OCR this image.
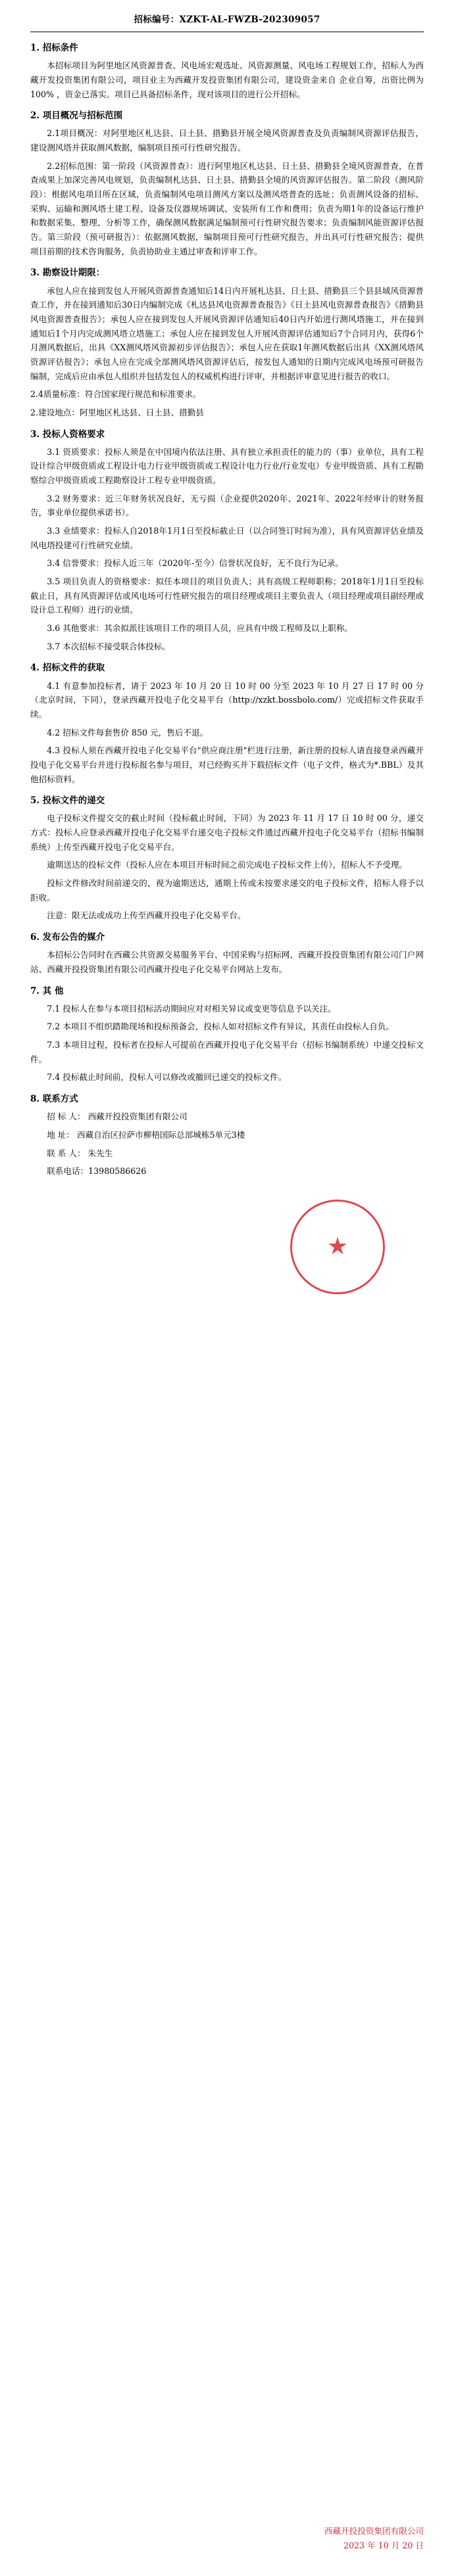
招标编号：XZKT-AL-FWZB-202309057
1. 招标条件

本招标项目为阿里地区风资源普查、风电场宏观选址、风资源测量、风电场工程规划工作，招标人为西藏开发投资集团有限公司，项目业主为西藏开发投资集团有限公司，建设资金来自 企业自筹，出资比例为100% ，资金已落实。项目已具备招标条件，现对该项目的进行公开招标。

2. 项目概况与招标范围

2.1项目概况：对阿里地区札达县、日土县、措勤县开展全境风资源普查及负责编制风资源评估报告，建设测风塔并获取测风数据，编制项目预可行性研究报告。

2.2招标范围：第一阶段（风资源普查）：进行阿里地区札达县、日土县、措勤县全境风资源普查，在普查成果上加深完善风电规划，负责编制札达县、日土县、措勤县全境的风资源评估报告。第二阶段（测风阶段）：根据风电项目所在区域，负责编制风电项目测风方案以及测风塔普查的选址；负责测风设备的招标、采购、运输和测风塔土建工程、设备及仪器规场调试、安装所有工作和费用；负责为期1年的设备运行维护和数据采集、整理、分析等工作，确保测风数据满足编制预可行性研究报告要求；负责编制风能资源评估报告。第三阶段（预可研报告）：依据测风数据，编制项目预可行性研究报告，并出具可行性研究报告；提供项目前期的技术咨询服务，负责协助业主通过审查和评审工作。

3. 勘察设计期限：

承包人应在接到发包人开展风资源普查通知后14日内开展札达县、日土县、措勤县三个县县域风资源普查工作，并在接到通知后30日内编制完成《札达县风电资源普查报告》《日土县风电资源普查报告》《措勤县风电资源普查报告》；承包人应在接到发包人开展风资源评估通知后40日内开始进行测风塔施工，并在接到通知后1个月内完成测风塔立塔施工；承包人应在接到发包人开展风资源评估通知后7个合同月内，获得6个月测风数据后，出具《XX测风塔风资源初步评估报告》；承包人应在获取1年测风数据后出具《XX测风塔风资源评估报告》；承包人应在完成全部测风塔风资源评估后，按发包人通知的日期内完成风电场预可研报告编制，完成后应由承包人组织并包括发包人的权威机构进行评审，并根据评审意见进行报告的收口。

2.4质量标准：符合国家现行规范和标准要求。

2.建设地点：阿里地区札达县、日土县、措勤县

3. 投标人资格要求

3.1 资质要求：投标人须是在中国境内依法注册、具有独立承担责任的能力的（事）业单位，具有工程设计综合甲级资质或工程设计电力行业甲级资质或工程设计电力行业/行业发电）专业甲级资质、具有工程勘察综合甲级资质或工程勘察设计工程专业甲级资质。

3.2 财务要求：近三年财务状况良好，无亏损（企业提供2020年、2021年、2022年经审计的财务报告，事业单位提供承诺书）。

3.3 业绩要求：投标人自2018年1月1日至投标截止日（以合同签订时间为准），具有风资源评估业绩及风电塔投建可行性研究业绩。

3.4 信誉要求：投标人近三年（2020年-至今）信誉状况良好，无不良行为记录。

3.5 项目负责人的资格要求：拟任本项目的项目负责人；具有高级工程师职称；2018年1月1日至投标截止日，具有风资源评估或风电场可行性研究报告的项目经理或项目主要负责人（项目经理或项目副经理或设计总工程师）进行的业绩。

3.6 其他要求：其余拟派往该项目工作的项目人员，应具有中级工程师及以上职称。

3.7 本次招标不接受联合体投标。

4. 招标文件的获取

4.1 有意参加投标者，请于 2023 年 10 月 20 日 10 时 00 分至 2023 年 10 月 27 日 17 时 00 分（北京时间，下同），登录西藏开投电子化交易平台（http://xzkt.bossbolo.com/）完成招标文件获取手续。

4.2 招标文件每套售价 850 元，售后不退。

4.3 投标人须在西藏开投电子化交易平台"供应商注册"栏进行注册，新注册的投标人请直接登录西藏开投电子化交易平台并进行投标报名参与项目，对已经购买并下载招标文件（电子文件，格式为*.BBL）及其他招标资料。

5. 投标文件的递交

电子投标文件提交交的截止时间（投标截止时间，下同）为 2023 年 11 月 17 日 10 时 00 分，递交方式：投标人应登录西藏开投电子化交易平台递交电子投标文件通过西藏开投电子化交易平台（招标书编制系统）上传至西藏开投电子化交易平台。

逾期送达的投标文件（投标人应在本项目开标时间之前完成电子投标文件上传），招标人不予受理。

投标文件修改时间前递交的，视为逾期送达，通期上传或未按要求递交的电子投标文件，招标人将予以拒收。

注意：限无法或成功上传至西藏开投电子化交易平台。

6. 发布公告的媒介

本招标公告同时在西藏公共资源交易服务平台、中国采购与招标网、西藏开投投资集团有限公司门户网站、西藏开投投资集团有限公司西藏开投电子化交易平台网站上发布。

7. 其 他

7.1 投标人在参与本项目招标活动期间应对对相关异议或变更等信息予以关注。

7.2 本项目不组织踏勘现场和投标预备会，投标人如对招标文件有异议，其责任由投标人自负。

7.3 本项目过程，投标者在投标人可提前在西藏开投电子化交易平台（招标书编制系统）中递交投标文件。

7.4 投标截止时间前，投标人可以修改或撤回已递交的投标文件。

8. 联系方式

招 标 人： 西藏开投投资集团有限公司

地 址： 西藏自治区拉萨市柳梧国际总部城栋5单元3楼

联 系 人： 朱先生

联系电话：13980586626

★
西藏开投投资集团有限公司
2023 年 10 月 20 日
